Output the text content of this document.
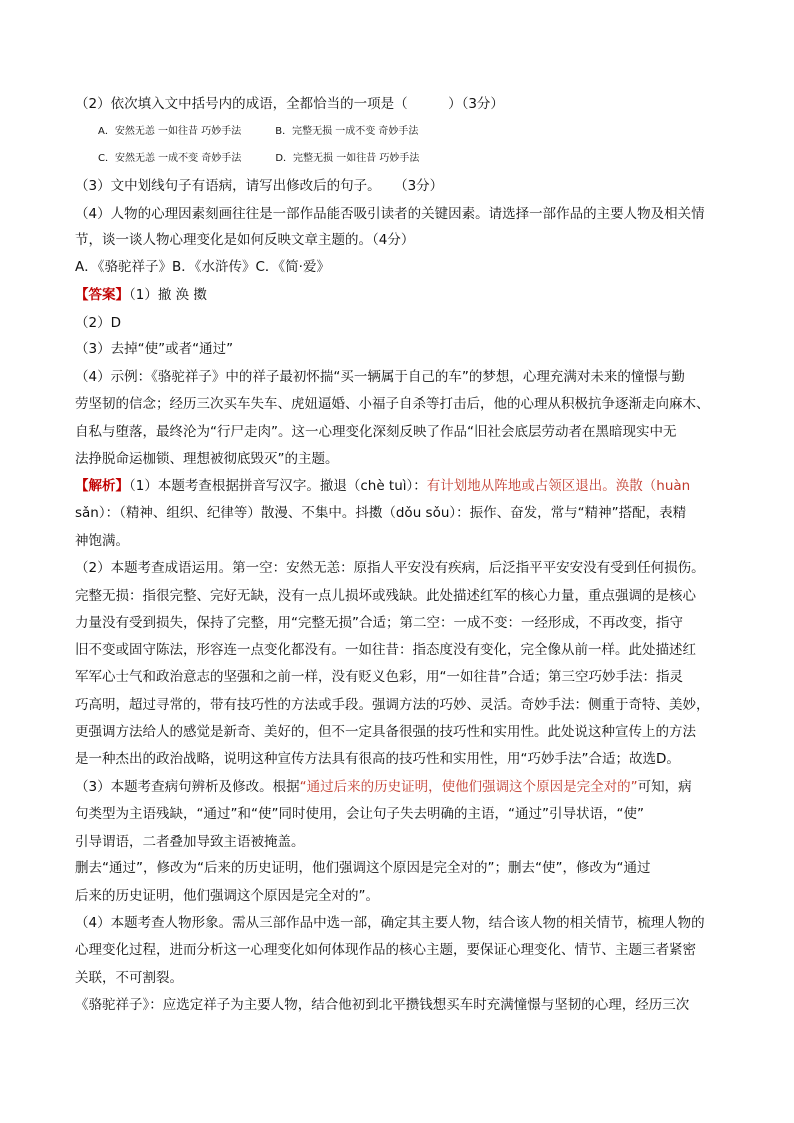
（2）依次填入文中括号内的成语，全都恰当的一项是（　　　）（3分）
A．安然无恙 一如往昔 巧妙手法	B．完整无损 一成不变 奇妙手法
C．安然无恙 一成不变 奇妙手法	D．完整无损 一如往昔 巧妙手法
（3）文中划线句子有语病，请写出修改后的句子。　　（3分）
（4）人物的心理因素刻画往往是一部作品能否吸引读者的关键因素。请选择一部作品的主要人物及相关情
节，谈一谈人物心理变化是如何反映文章主题的。（4分）
A．《骆驼祥子》B．《水浒传》C．《简·爱》
【答案】（1）撤 涣 擞
（2）D
（3）去掉“使”或者“通过”
（4）示例：《骆驼祥子》中的祥子最初怀揣“买一辆属于自己的车”的梦想，心理充满对未来的憧憬与勤
劳坚韧的信念；经历三次买车失车、虎妞逼婚、小福子自杀等打击后，他的心理从积极抗争逐渐走向麻木、
自私与堕落，最终沦为“行尸走肉”。这一心理变化深刻反映了作品“旧社会底层劳动者在黑暗现实中无
法挣脱命运枷锁、理想被彻底毁灭”的主题。
【解析】（1）本题考查根据拼音写汉字。撤退（chè tuì）：有计划地从阵地或占领区退出。涣散（huàn
sǎn）：（精神、组织、纪律等）散漫、不集中。抖擞（dǒu sǒu）：振作、奋发，常与“精神”搭配，表精
神饱满。
（2）本题考查成语运用。第一空：安然无恙：原指人平安没有疾病，后泛指平平安安没有受到任何损伤。
完整无损：指很完整、完好无缺，没有一点儿损坏或残缺。此处描述红军的核心力量，重点强调的是核心
力量没有受到损失，保持了完整，用“完整无损”合适；第二空：一成不变：一经形成，不再改变，指守
旧不变或固守陈法，形容连一点变化都没有。一如往昔：指态度没有变化，完全像从前一样。此处描述红
军军心士气和政治意志的坚强和之前一样，没有贬义色彩，用“一如往昔”合适；第三空巧妙手法：指灵
巧高明，超过寻常的，带有技巧性的方法或手段。强调方法的巧妙、灵活。奇妙手法：侧重于奇特、美妙，
更强调方法给人的感觉是新奇、美好的，但不一定具备很强的技巧性和实用性。此处说这种宣传上的方法
是一种杰出的政治战略，说明这种宣传方法具有很高的技巧性和实用性，用“巧妙手法”合适；故选D。
（3）本题考查病句辨析及修改。根据“通过后来的历史证明，使他们强调这个原因是完全对的”可知，病
句类型为主语残缺，“通过”和“使”同时使用，会让句子失去明确的主语，“通过”引导状语，“使”
引导谓语，二者叠加导致主语被掩盖。
删去“通过”，修改为“后来的历史证明，他们强调这个原因是完全对的”；删去“使”，修改为“通过
后来的历史证明，他们强调这个原因是完全对的”。
（4）本题考查人物形象。需从三部作品中选一部，确定其主要人物，结合该人物的相关情节，梳理人物的
心理变化过程，进而分析这一心理变化如何体现作品的核心主题，要保证心理变化、情节、主题三者紧密
关联，不可割裂。
《骆驼祥子》：应选定祥子为主要人物，结合他初到北平攒钱想买车时充满憧憬与坚韧的心理，经历三次
